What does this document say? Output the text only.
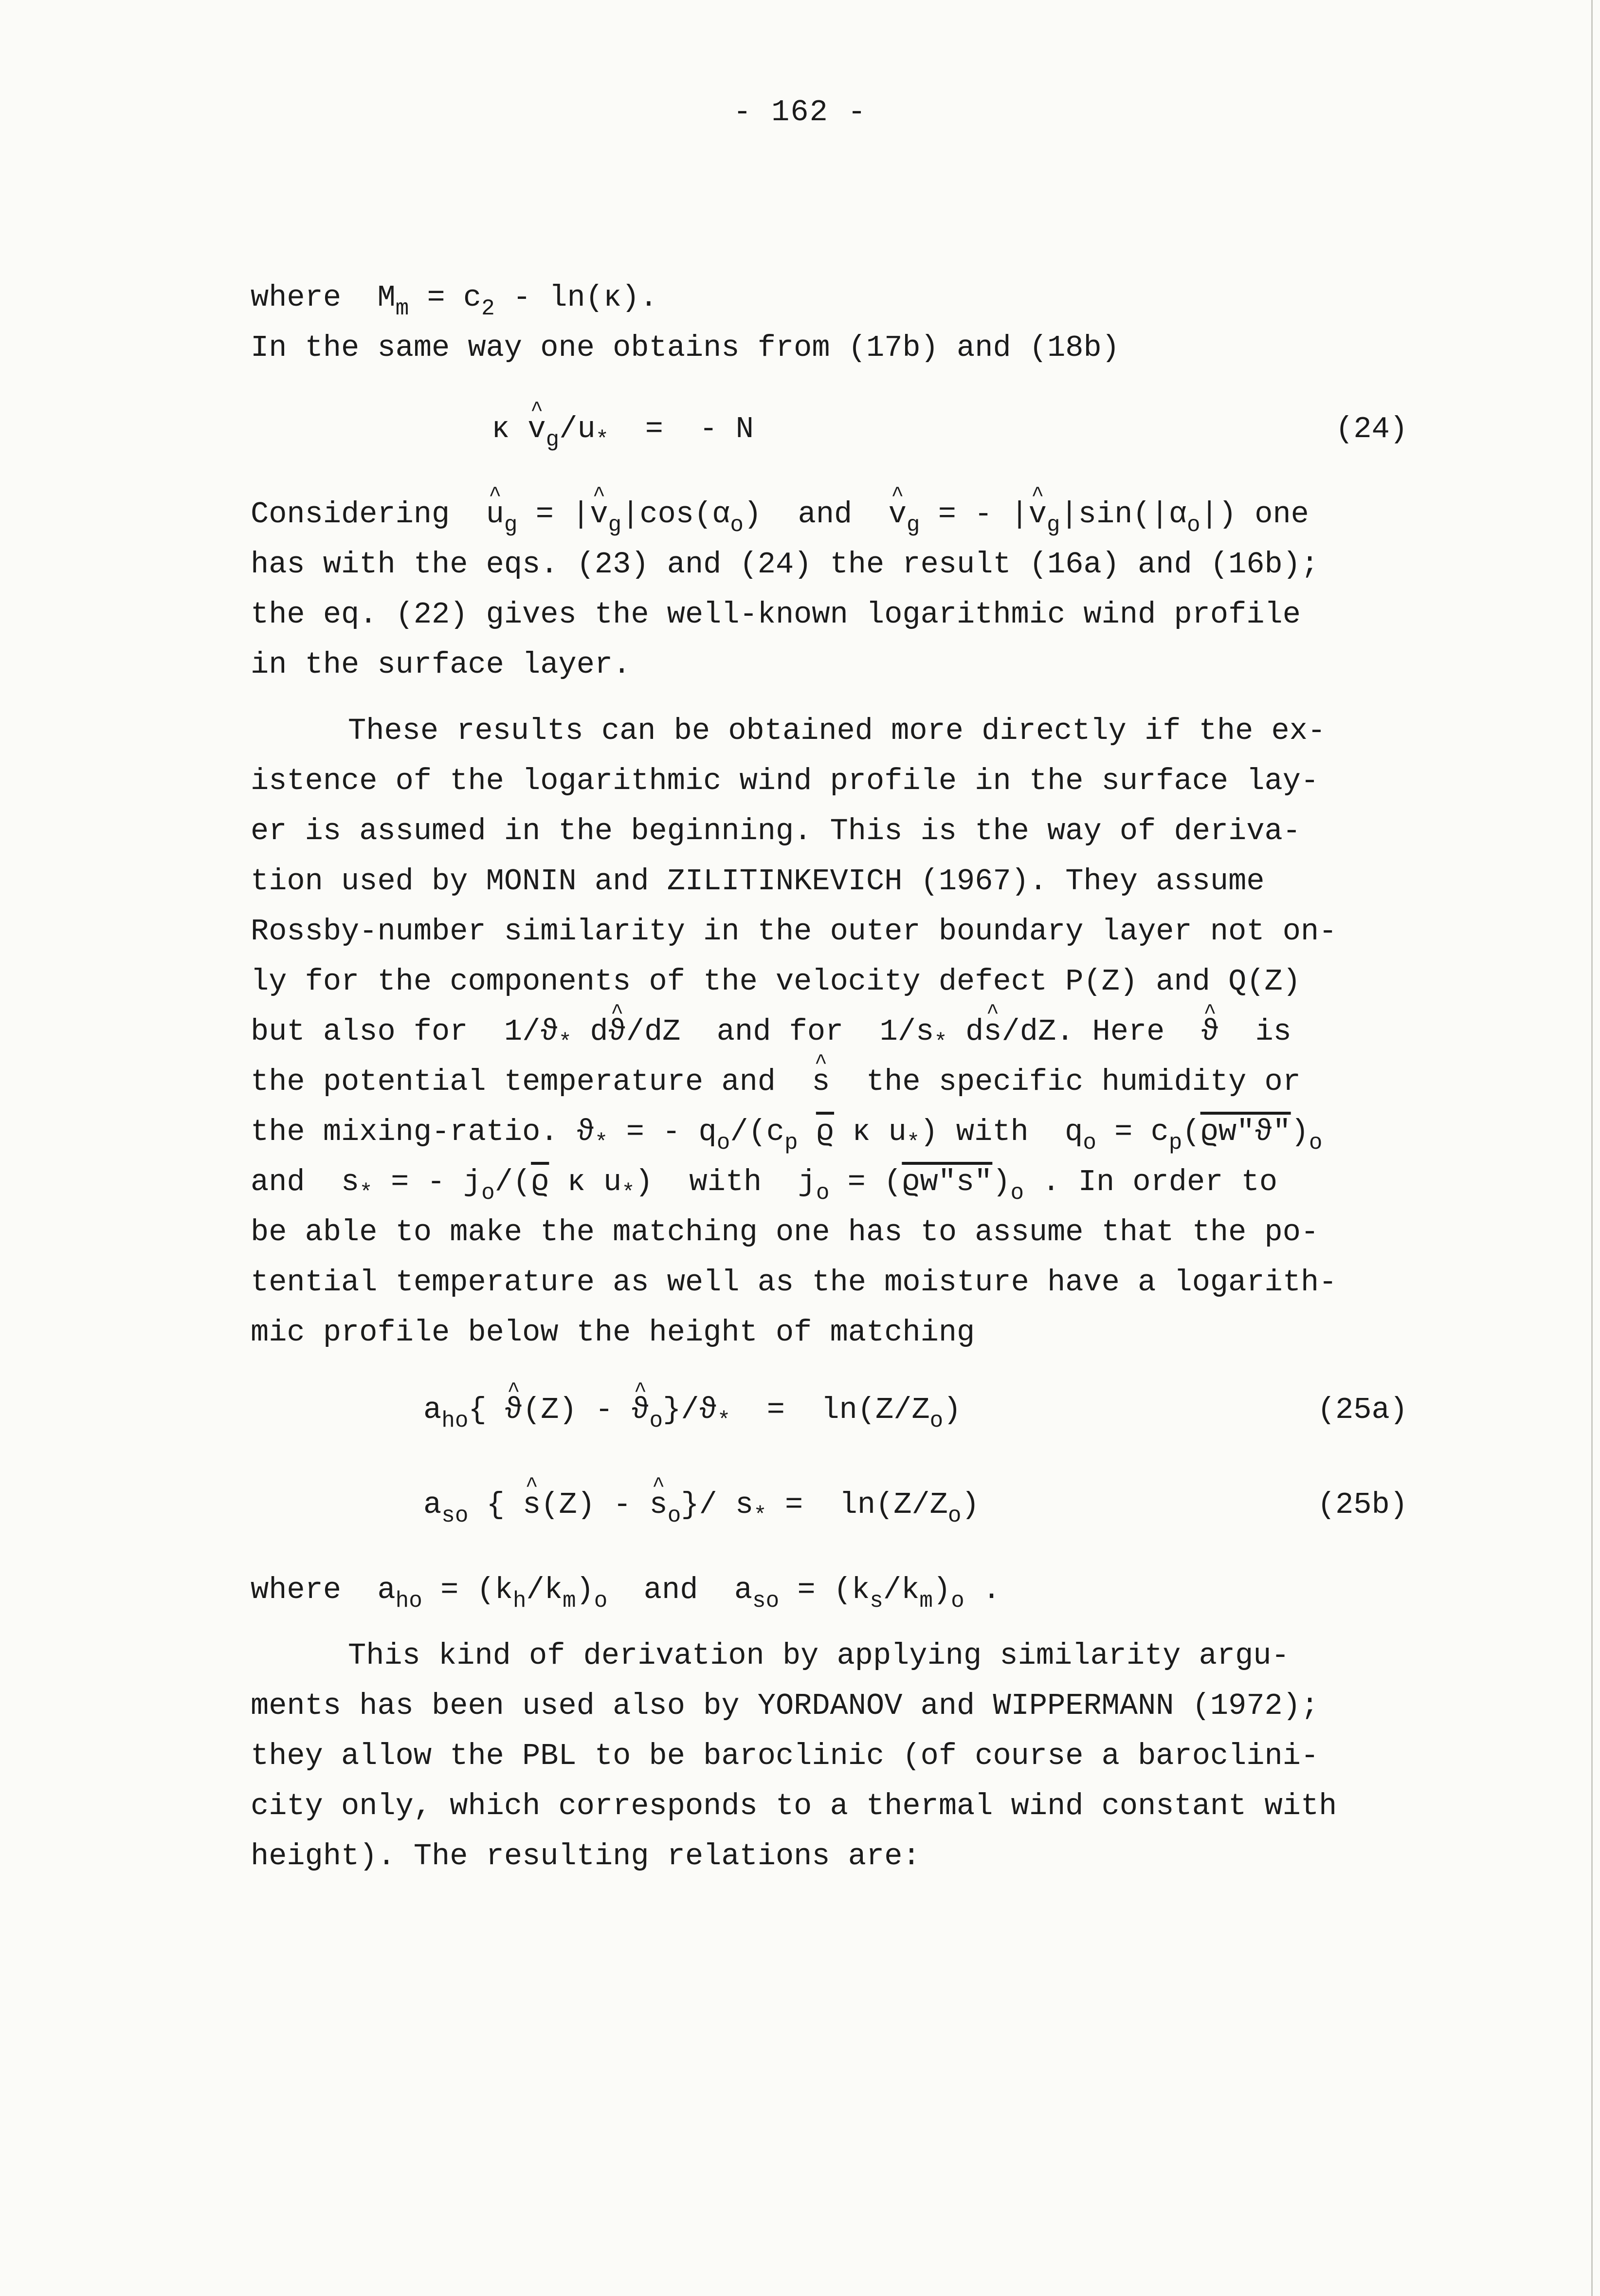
- 162 -
where  $M_m = c_2 - \ln(\kappa)$.
In the same way one obtains from (17b) and (18b)
κ ^ $v_g/u_*$  =  - N	(24)
Considering  ^ $u_g$ = |^ $v_g|\cos(\alpha_o)$  and  ^ $v_g$ = - |^ $v_g|\sin(|\alpha_o|)$ one
has with the eqs. (23) and (24) the result (16a) and (16b);
the eq. (22) gives the well-known logarithmic wind profile
in the surface layer.
These results can be obtained more directly if the ex-
istence of the logarithmic wind profile in the surface lay-
er is assumed in the beginning. This is the way of deriva-
tion used by MONIN and ZILITINKEVICH (1967). They assume
Rossby-number similarity in the outer boundary layer not on-
ly for the components of the velocity defect P(Z) and Q(Z)
but also for  $1/ϑ_*$ d^ ϑ/dZ  and for  $1/s_*$ d^ s/dZ. Here  ^ ϑ  is
the potential temperature and  ^ s  the specific humidity or
the mixing-ratio. $ϑ_*$ = - $q_o/(c_p$ $\overline{ϱ}$ κ $u_*$) with  $q_o$ = $c_p(ϱw"ϑ")_o$
and  $s_*$ = - $j_o/(\overline{ϱ}$ κ $u_*$)  with  $j_o$ = $(ϱw"s")_o$ . In order to
be able to make the matching one has to assume that the po-
tential temperature as well as the moisture have a logarith-
mic profile below the height of matching
$a_{ho}${ ^ ϑ(Z) - ^ $ϑ_o\}/ϑ_* = \ln(Z/Z_o)$	(25a)
$a_{so}$ { ^ s(Z) - ^ $s_o\}/$ $s_* = \ln(Z/Z_o)$	(25b)
where  $a_{ho} = (k_h/k_m)_o$  and  $a_{so} = (k_s/k_m)_o$ .
This kind of derivation by applying similarity argu-
ments has been used also by YORDANOV and WIPPERMANN (1972);
they allow the PBL to be baroclinic (of course a baroclini-
city only, which corresponds to a thermal wind constant with
height). The resulting relations are:
